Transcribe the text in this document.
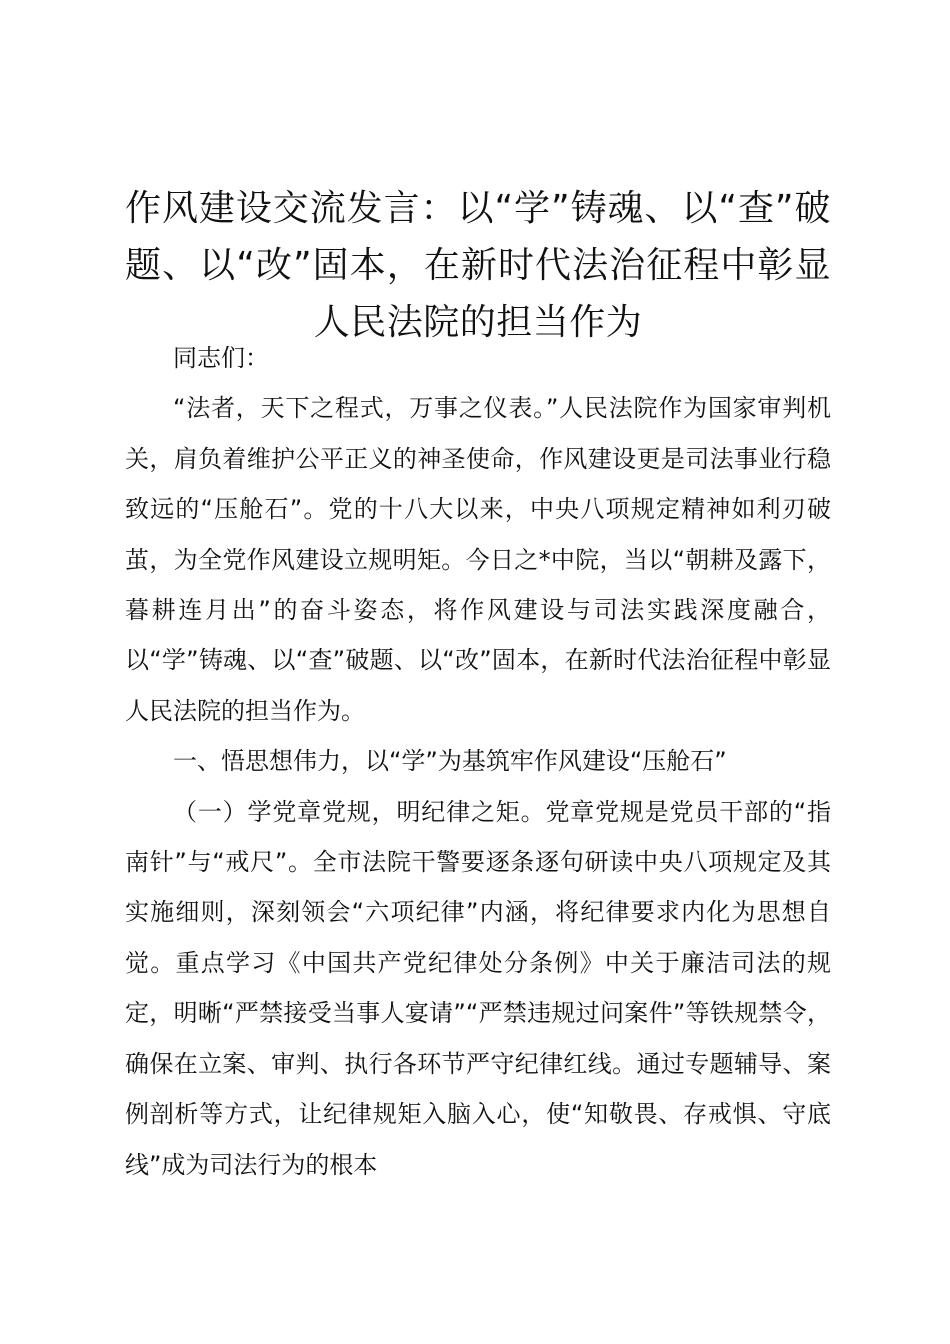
作风建设交流发言：以“学”铸魂、以“查”破题、以“改”固本，在新时代法治征程中彰显人民法院的担当作为

同志们：

“法者，天下之程式，万事之仪表。”人民法院作为国家审判机关，肩负着维护公平正义的神圣使命，作风建设更是司法事业行稳致远的“压舱石”。党的十八大以来，中央八项规定精神如利刃破茧，为全党作风建设立规明矩。今日之*中院，当以“朝耕及露下，暮耕连月出”的奋斗姿态，将作风建设与司法实践深度融合，以“学”铸魂、以“查”破题、以“改”固本，在新时代法治征程中彰显人民法院的担当作为。

一、悟思想伟力，以“学”为基筑牢作风建设“压舱石”

（一）学党章党规，明纪律之矩。党章党规是党员干部的“指南针”与“戒尺”。全市法院干警要逐条逐句研读中央八项规定及其实施细则，深刻领会“六项纪律”内涵，将纪律要求内化为思想自觉。重点学习《中国共产党纪律处分条例》中关于廉洁司法的规定，明晰“严禁接受当事人宴请”“严禁违规过问案件”等铁规禁令，确保在立案、审判、执行各环节严守纪律红线。通过专题辅导、案例剖析等方式，让纪律规矩入脑入心，使“知敬畏、存戒惧、守底线”成为司法行为的根本
